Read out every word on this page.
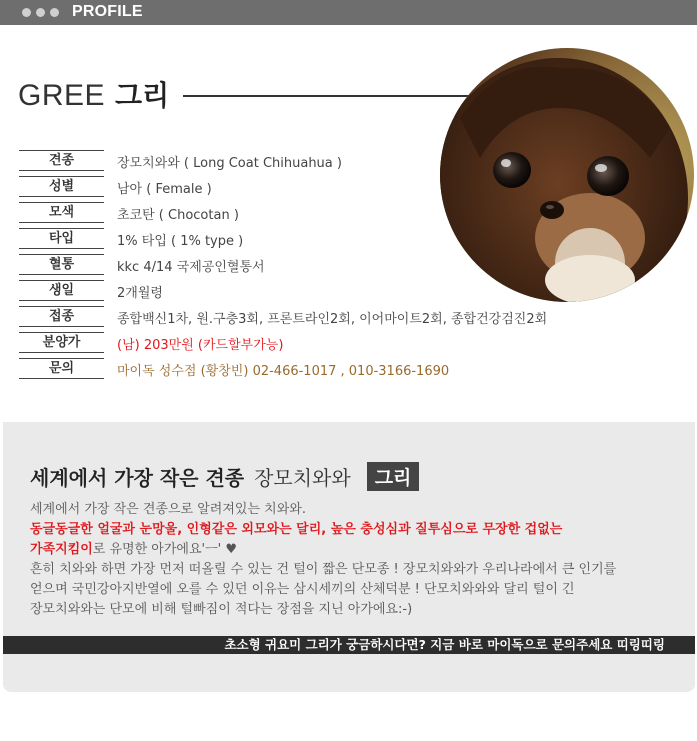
PROFILE
GREE 그리
견종	장모치와와 ( Long Coat Chihuahua )
성별	남아 ( Female )
모색	초코탄 ( Chocotan )
타입	1% 타입 ( 1% type )
혈통	kkc 4/14 국제공인혈통서
생일	2개월령
접종	종합백신1차, 원.구충3회, 프론트라인2회, 이어마이트2회, 종합건강검진2회
분양가	(남) 203만원 (카드할부가능)
문의	마이독 성수점 (황창빈) 02-466-1017 , 010-3166-1690
세계에서 가장 작은 견종 장모치와와	그리
세계에서 가장 작은 견종으로 알려져있는 치와와.
동글동글한 얼굴과 눈망울, 인형같은 외모와는 달리, 높은 충성심과 질투심으로 무장한 겁없는
가족지킴이로 유명한 아가에요'ㅡ' ♥
흔히 치와와 하면 가장 먼저 떠올릴 수 있는 건 털이 짧은 단모종 ! 장모치와와가 우리나라에서 큰 인기를
얻으며 국민강아지반열에 오를 수 있던 이유는 삼시세끼의 산체덕분 ! 단모치와와와 달리 털이 긴
장모치와와는 단모에 비해 털빠짐이 적다는 장점을 지닌 아가에요:-)
초소형 귀요미 그리가 궁금하시다면? 지금 바로 마이독으로 문의주세요 띠링띠링
